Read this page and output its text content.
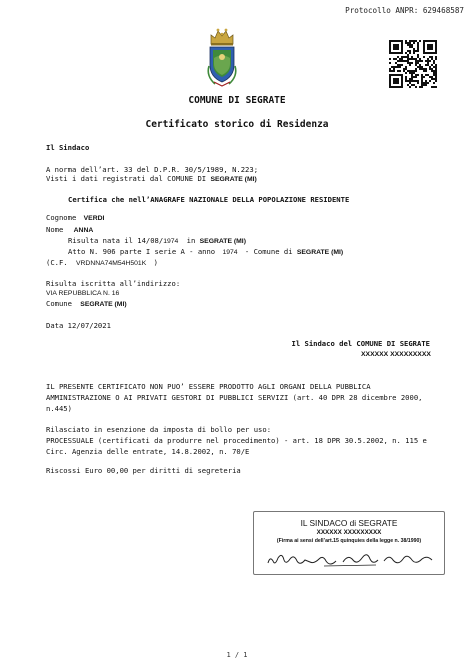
Protocollo ANPR: 629468587
COMUNE DI SEGRATE
Certificato storico di Residenza
Il Sindaco
A norma dell’art. 33 del D.P.R. 30/5/1989, N.223;
Visti i dati registrati dal COMUNE DI SEGRATE (MI)
Certifica che nell’ANAGRAFE NAZIONALE DELLA POPOLAZIONE RESIDENTE
Cognome VERDI
Nome ANNA
Risulta nata il 14/08/1974 in SEGRATE (MI)
Atto N. 906 parte I serie A - anno 1974 - Comune di SEGRATE (MI)
(C.F. VRDNNA74M54H501K )
Risulta iscritta all’indirizzo:
VIA REPUBBLICA N. 16
Comune SEGRATE (MI)
Data 12/07/2021
Il Sindaco del COMUNE DI SEGRATE
XXXXXX XXXXXXXXX
IL PRESENTE CERTIFICATO NON PUO’ ESSERE PRODOTTO AGLI ORGANI DELLA PUBBLICA
AMMINISTRAZIONE O AI PRIVATI GESTORI DI PUBBLICI SERVIZI (art. 40 DPR 28 dicembre 2000,
n.445)
Rilasciato in esenzione da imposta di bollo per uso:
PROCESSUALE (certificati da produrre nel procedimento) - art. 18 DPR 30.5.2002, n. 115 e
Circ. Agenzia delle entrate, 14.8.2002, n. 70/E
Riscossi Euro 00,00 per diritti di segreteria
IL SINDACO di SEGRATE
XXXXXX XXXXXXXXX
(Firma ai sensi dell’art.15 quinquies della legge n. 38/1990)
1 / 1
